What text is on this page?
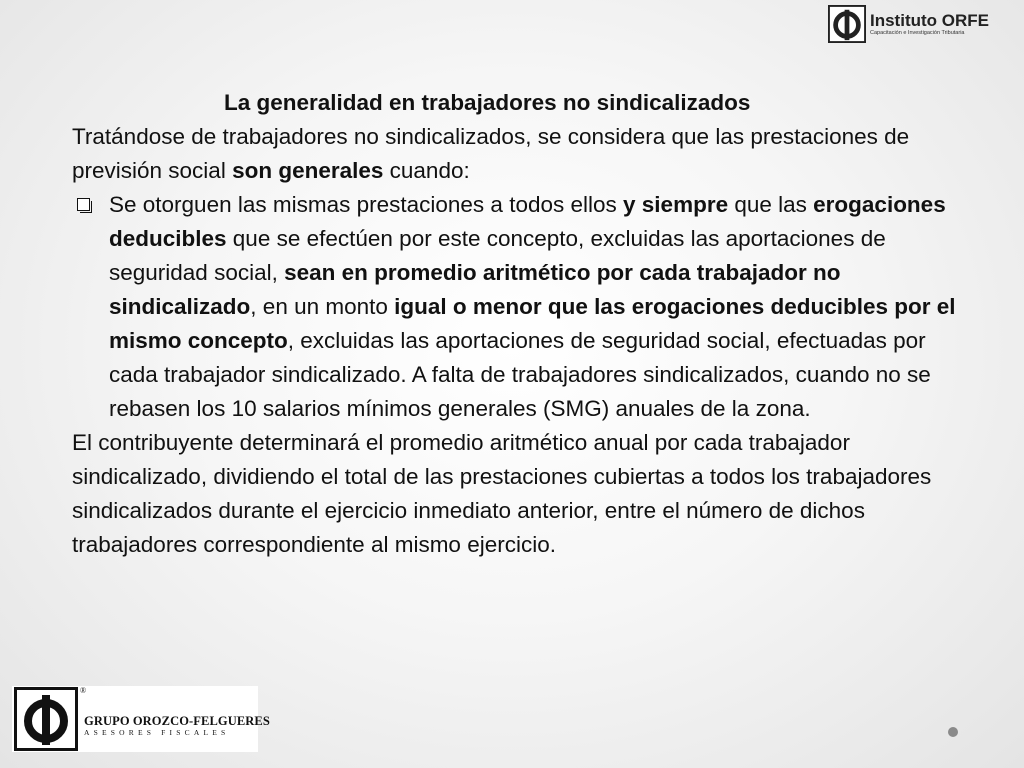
Instituto ORFE
Capacitación e Investigación Tributaria

La generalidad en trabajadores no sindicalizados

Tratándose de trabajadores no sindicalizados, se considera que las prestaciones de previsión social son generales cuando:

Se otorguen las mismas prestaciones a todos ellos y siempre que las erogaciones deducibles que se efectúen por este concepto, excluidas las aportaciones de seguridad social, sean en promedio aritmético por cada trabajador no sindicalizado, en un monto igual o menor que las erogaciones deducibles por el mismo concepto, excluidas las aportaciones de seguridad social, efectuadas por cada trabajador sindicalizado. A falta de trabajadores sindicalizados, cuando no se rebasen los 10 salarios mínimos generales (SMG) anuales de la zona.

El contribuyente determinará el promedio aritmético anual por cada trabajador sindicalizado, dividiendo el total de las prestaciones cubiertas a todos los trabajadores sindicalizados durante el ejercicio inmediato anterior, entre el número de dichos trabajadores correspondiente al mismo ejercicio.

®
GRUPO OROZCO-FELGUERES
ASESORES FISCALES
